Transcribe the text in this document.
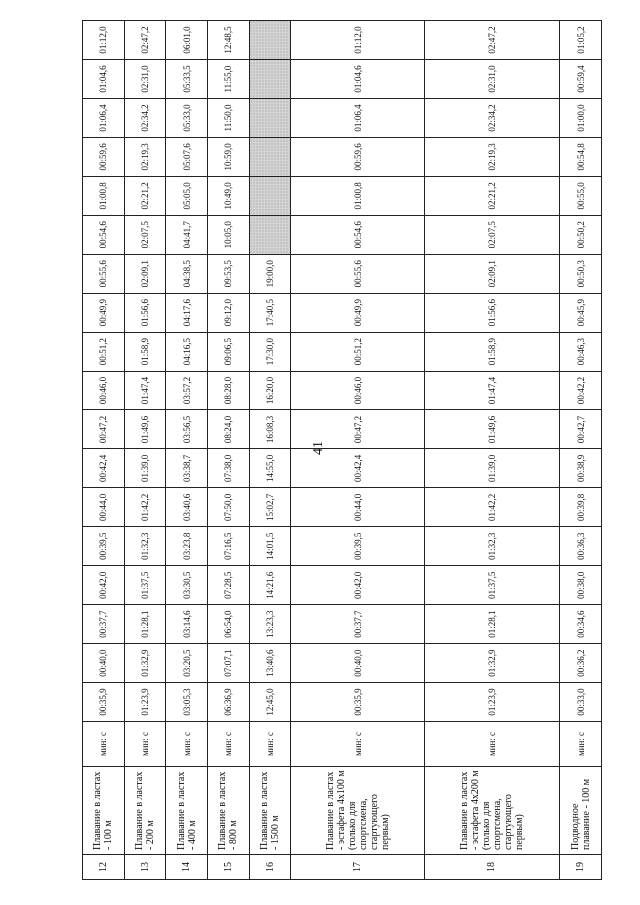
41
12	Плавание в ластах - 100 м	мин: с	00:35,9	00:40,0	00:37,7	00:42,0	00:39,5	00:44,0	00:42,4	00:47,2	00:46,0	00:51,2	00:49,9	00:55,6	00:54,6	01:00,8	00:59,6	01:06,4	01:04,6	01:12,0
13	Плавание в ластах - 200 м	мин: с	01:23,9	01:32,9	01:28,1	01:37,5	01:32,3	01:42,2	01:39,0	01:49,6	01:47,4	01:58,9	01:56,6	02:09,1	02:07,5	02:21,2	02:19,3	02:34,2	02:31,0	02:47,2
14	Плавание в ластах - 400 м	мин: с	03:05,3	03:20,5	03:14,6	03:30,5	03:23,8	03:40,6	03:38,7	03:56,5	03:57,2	04:16,5	04:17,6	04:38,5	04:41,7	05:05,0	05:07,6	05:33,0	05:33,5	06:01,0
15	Плавание в ластах - 800 м	мин: с	06:36,9	07:07,1	06:54,0	07:28,5	07:16,5	07:50,0	07:38,0	08:24,0	08:28,0	09:06,5	09:12,0	09:53,5	10:05,0	10:49,0	10:59,0	11:50,0	11:55,0	12:48,5
16	Плавание в ластах - 1500 м	мин: с	12:45,0	13:40,6	13:23,3	14:21,6	14:01,5	15:02,7	14:55,0	16:08,3	16:20,0	17:30,0	17:40,5	19:00,0						
17	Плавание в ластах - эстафета 4x100 м (только для спортсмена, стартующего первым)	мин: с	00:35,9	00:40,0	00:37,7	00:42,0	00:39,5	00:44,0	00:42,4	00:47,2	00:46,0	00:51,2	00:49,9	00:55,6	00:54,6	01:00,8	00:59,6	01:06,4	01:04,6	01:12,0
18	Плавание в ластах - эстафета 4x200 м (только для спортсмена, стартующего первым)	мин: с	01:23,9	01:32,9	01:28,1	01:37,5	01:32,3	01:42,2	01:39,0	01:49,6	01:47,4	01:58,9	01:56,6	02:09,1	02:07,5	02:21,2	02:19,3	02:34,2	02:31,0	02:47,2
19	Подводное плавание - 100 м	мин: с	00:33,0	00:36,2	00:34,6	00:38,0	00:36,3	00:39,8	00:38,9	00:42,7	00:42,2	00:46,3	00:45,9	00:50,3	00:50,2	00:55,0	00:54,8	01:00,0	00:59,4	01:05,2
